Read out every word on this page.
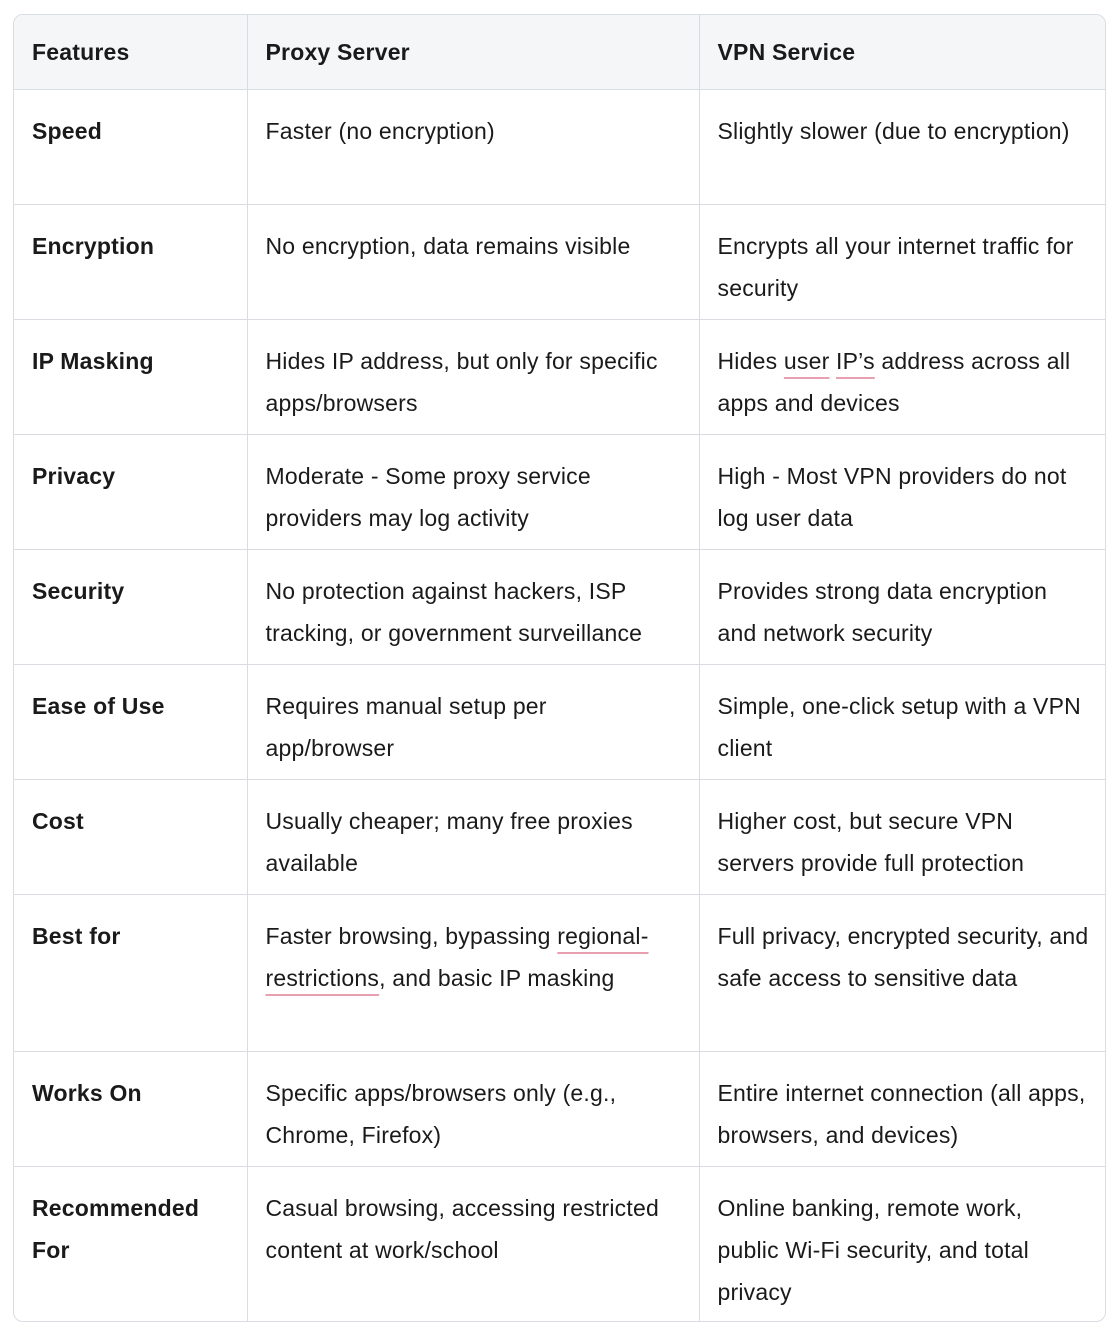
Features	Proxy Server	VPN Service
Speed	Faster (no encryption)	Slightly slower (due to encryption)
Encryption	No encryption, data remains visible	Encrypts all your internet traffic for security
IP Masking	Hides IP address, but only for specific apps/browsers	Hides user IP’s address across all apps and devices
Privacy	Moderate - Some proxy service providers may log activity	High - Most VPN providers do not log user data
Security	No protection against hackers, ISP tracking, or government surveillance	Provides strong data encryption and network security
Ease of Use	Requires manual setup per app/browser	Simple, one-click setup with a VPN client
Cost	Usually cheaper; many free proxies available	Higher cost, but secure VPN servers provide full protection
Best for	Faster browsing, bypassing regional-restrictions, and basic IP masking	Full privacy, encrypted security, and safe access to sensitive data
Works On	Specific apps/browsers only (e.g., Chrome, Firefox)	Entire internet connection (all apps, browsers, and devices)
Recommended For	Casual browsing, accessing restricted content at work/school	Online banking, remote work, public Wi-Fi security, and total privacy
